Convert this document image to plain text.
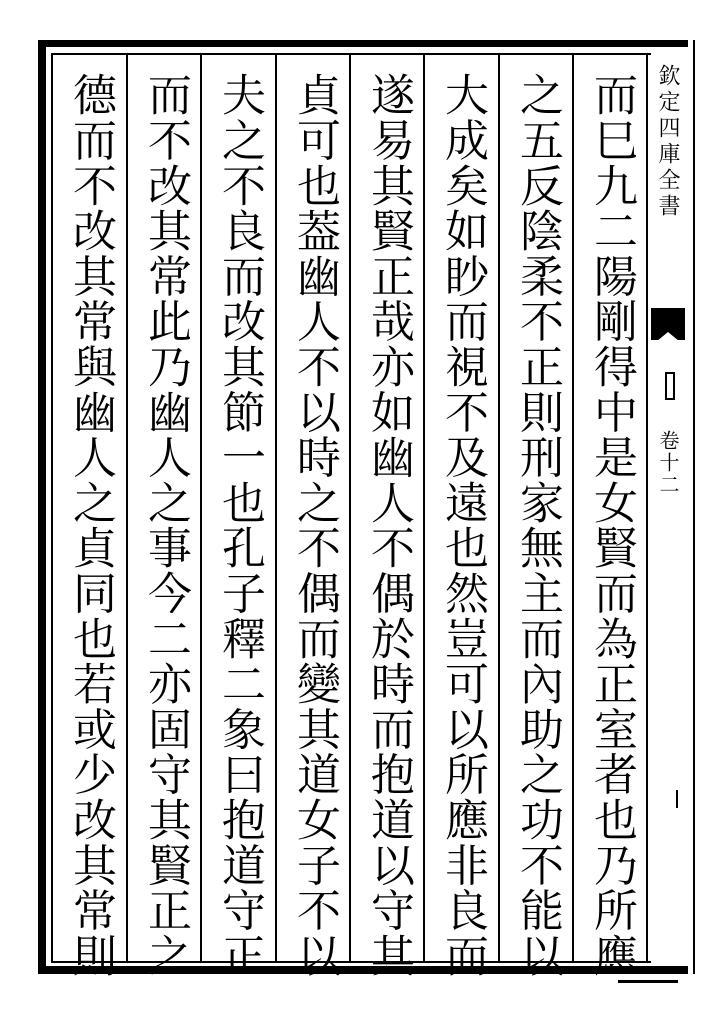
而巳九二陽剛得中是女賢而為正室者也乃所應
之五反陰柔不正則刑家無主而內助之功不能以
大成矣如眇而視不及遠也然豈可以所應非良而
遂易其賢正哉亦如幽人不偶於時而抱道以守其
貞可也葢幽人不以時之不偶而變其道女子不以
夫之不良而改其節一也孔子釋二象曰抱道守正
而不改其常此乃幽人之事今二亦固守其賢正之
德而不改其常與幽人之貞同也若或少改其常則	欽定四庫全書
卷十二
